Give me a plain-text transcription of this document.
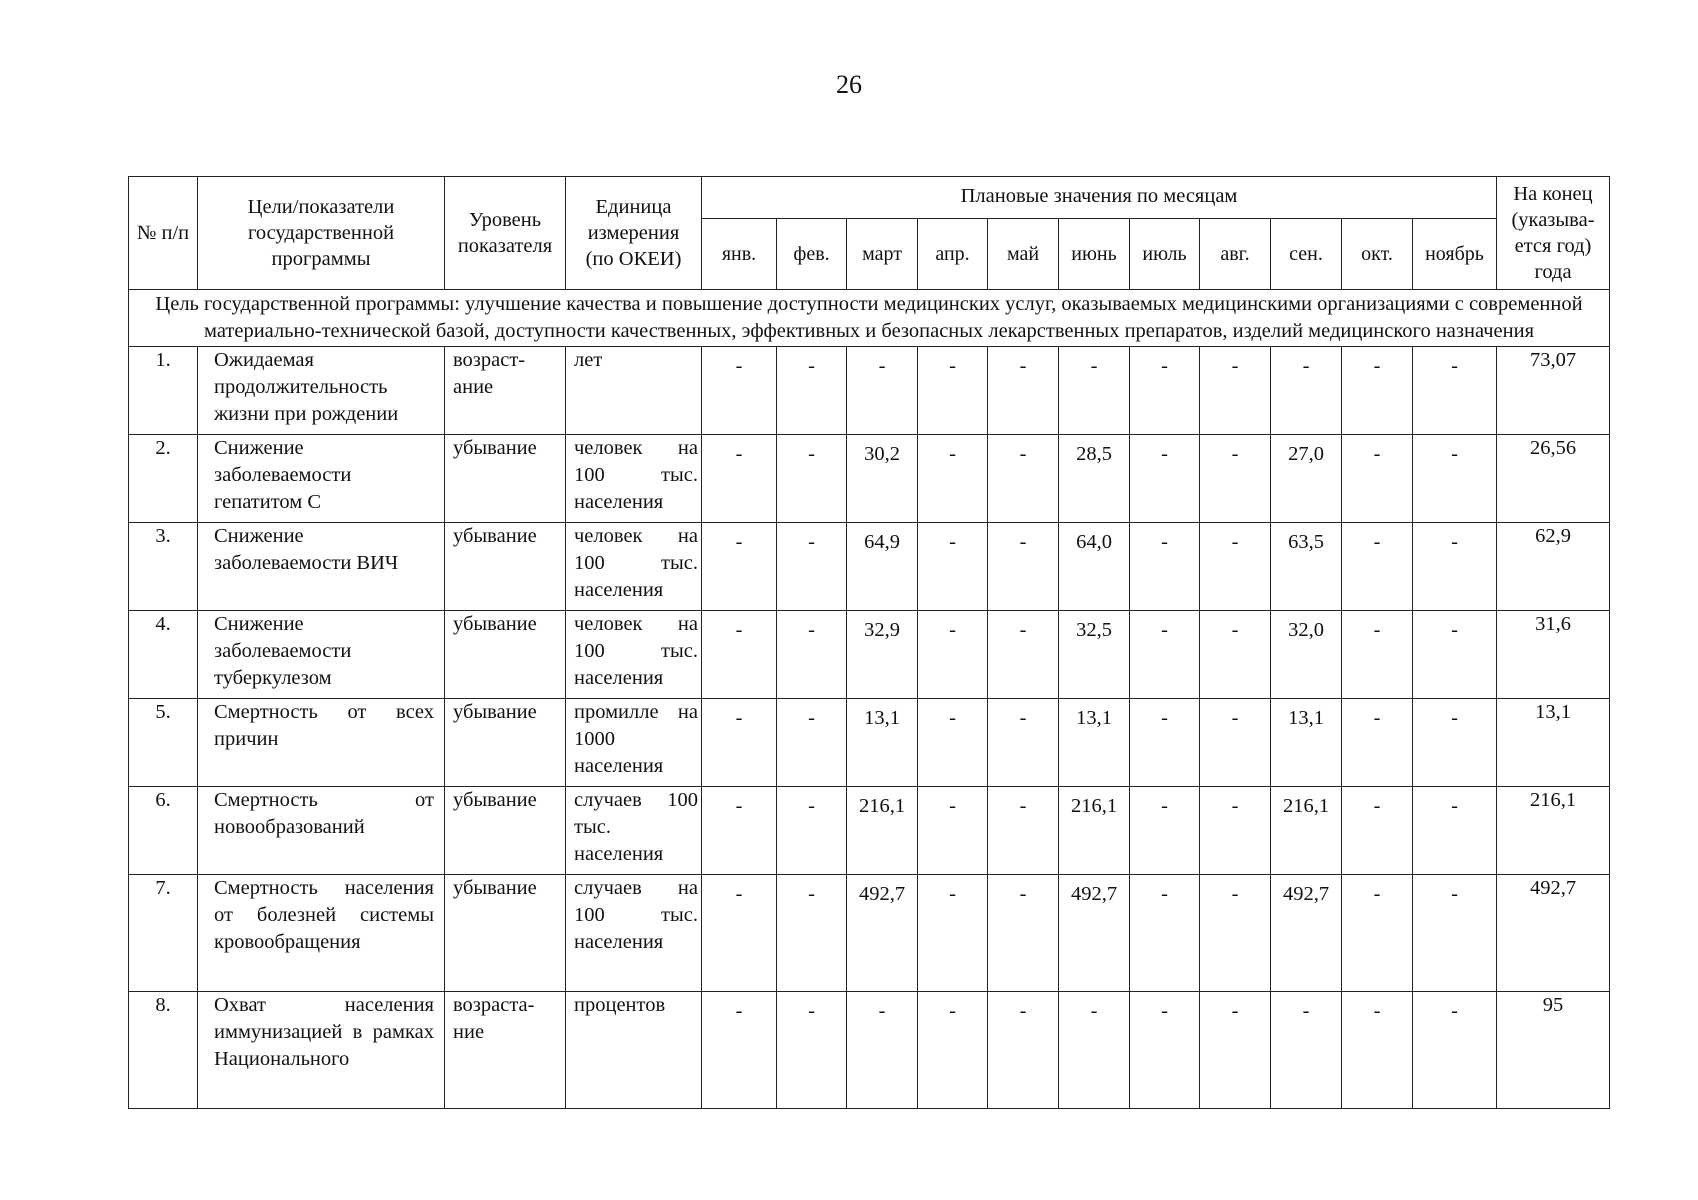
26
№ п/п	Цели/показатели государственной программы	Уровень показателя	Единица измерения (по ОКЕИ)	Плановые значения по месяцам											На конец (указыва-ется год) года
				янв.	фев.	март	апр.	май	июнь	июль	авг.	сен.	окт.	ноябрь	
Цель государственной программы: улучшение качества и повышение доступности медицинских услуг, оказываемых медицинскими организациями с современной материально-технической базой, доступности качественных, эффективных и безопасных лекарственных препаратов, изделий медицинского назначения															
1.	Ожидаемая продолжительность жизни при рождении	возраст-ание	лет	-	-	-	-	-	-	-	-	-	-	-	73,07
2.	Снижение заболеваемости гепатитом С	убывание	человек на 100 тыс. населения	-	-	30,2	-	-	28,5	-	-	27,0	-	-	26,56
3.	Снижение заболеваемости ВИЧ	убывание	человек на 100 тыс. населения	-	-	64,9	-	-	64,0	-	-	63,5	-	-	62,9
4.	Снижение заболеваемости туберкулезом	убывание	человек на 100 тыс. населения	-	-	32,9	-	-	32,5	-	-	32,0	-	-	31,6
5.	Смертность от всех причин	убывание	промилле на 1000 населения	-	-	13,1	-	-	13,1	-	-	13,1	-	-	13,1
6.	Смертность от новообразований	убывание	случаев 100 тыс. населения	-	-	216,1	-	-	216,1	-	-	216,1	-	-	216,1
7.	Смертность населения от болезней системы кровообращения	убывание	случаев на 100 тыс. населения	-	-	492,7	-	-	492,7	-	-	492,7	-	-	492,7
8.	Охват населения иммунизацией в рамках Национального	возраста-ние	процентов	-	-	-	-	-	-	-	-	-	-	-	95
